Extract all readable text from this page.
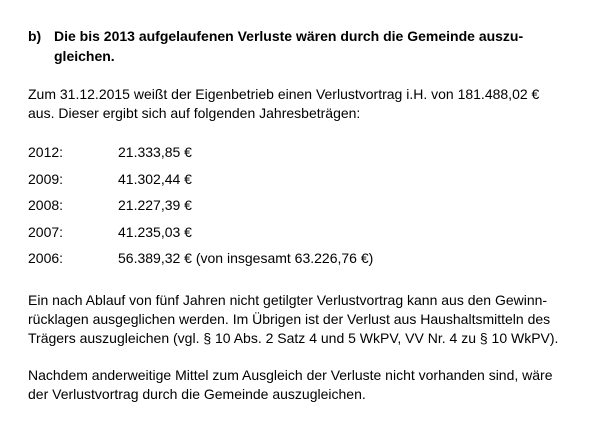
b) Die bis 2013 aufgelaufenen Verluste wären durch die Gemeinde auszu-
gleichen.
Zum 31.12.2015 weißt der Eigenbetrieb einen Verlustvortrag i.H. von 181.488,02 €
aus. Dieser ergibt sich auf folgenden Jahresbeträgen:
2012:	21.333,85 €
2009:	41.302,44 €
2008:	21.227,39 €
2007:	41.235,03 €
2006:	56.389,32 € (von insgesamt 63.226,76 €)
Ein nach Ablauf von fünf Jahren nicht getilgter Verlustvortrag kann aus den Gewinn-
rücklagen ausgeglichen werden. Im Übrigen ist der Verlust aus Haushaltsmitteln des
Trägers auszugleichen (vgl. § 10 Abs. 2 Satz 4 und 5 WkPV, VV Nr. 4 zu § 10 WkPV).
Nachdem anderweitige Mittel zum Ausgleich der Verluste nicht vorhanden sind, wäre
der Verlustvortrag durch die Gemeinde auszugleichen.
